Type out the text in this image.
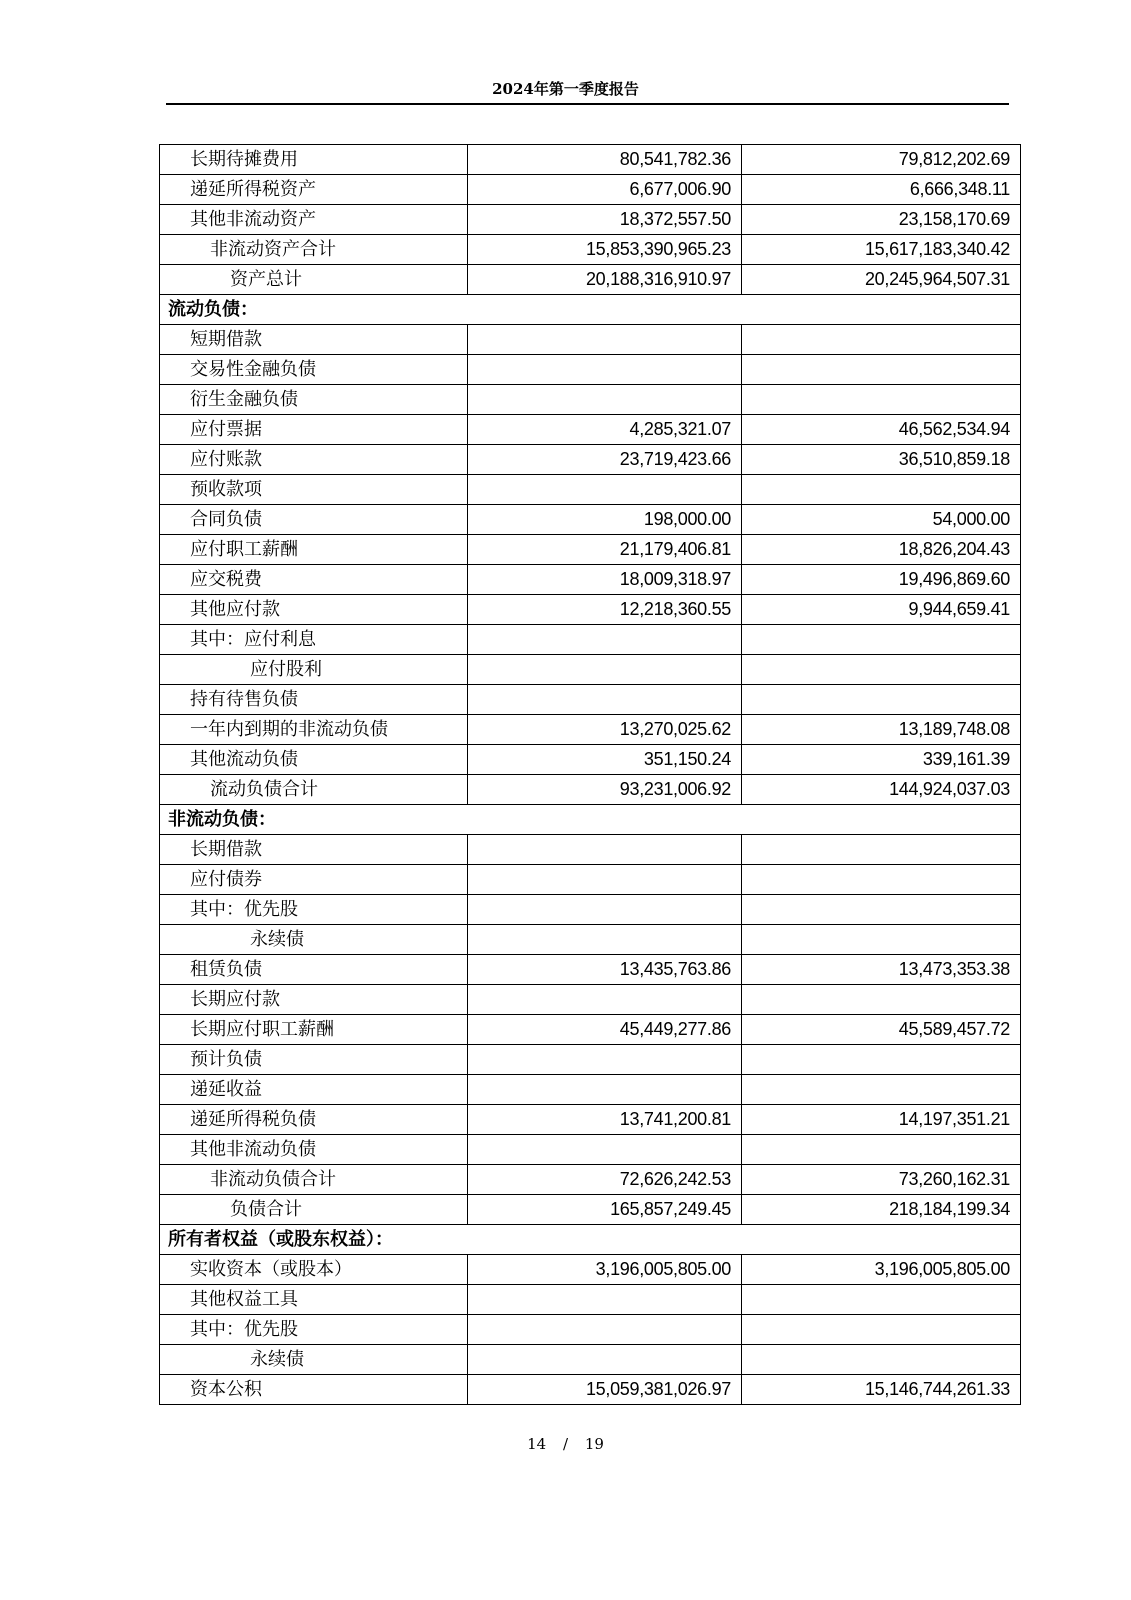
2024年第一季度报告
长期待摊费用	80,541,782.36	79,812,202.69
递延所得税资产	6,677,006.90	6,666,348.11
其他非流动资产	18,372,557.50	23,158,170.69
非流动资产合计	15,853,390,965.23	15,617,183,340.42
资产总计	20,188,316,910.97	20,245,964,507.31
流动负债：		
短期借款		
交易性金融负债		
衍生金融负债		
应付票据	4,285,321.07	46,562,534.94
应付账款	23,719,423.66	36,510,859.18
预收款项		
合同负债	198,000.00	54,000.00
应付职工薪酬	21,179,406.81	18,826,204.43
应交税费	18,009,318.97	19,496,869.60
其他应付款	12,218,360.55	9,944,659.41
其中：应付利息		
应付股利		
持有待售负债		
一年内到期的非流动负债	13,270,025.62	13,189,748.08
其他流动负债	351,150.24	339,161.39
流动负债合计	93,231,006.92	144,924,037.03
非流动负债：		
长期借款		
应付债券		
其中：优先股		
永续债		
租赁负债	13,435,763.86	13,473,353.38
长期应付款		
长期应付职工薪酬	45,449,277.86	45,589,457.72
预计负债		
递延收益		
递延所得税负债	13,741,200.81	14,197,351.21
其他非流动负债		
非流动负债合计	72,626,242.53	73,260,162.31
负债合计	165,857,249.45	218,184,199.34
所有者权益（或股东权益）：		
实收资本（或股本）	3,196,005,805.00	3,196,005,805.00
其他权益工具		
其中：优先股		
永续债		
资本公积	15,059,381,026.97	15,146,744,261.33
14 / 19
